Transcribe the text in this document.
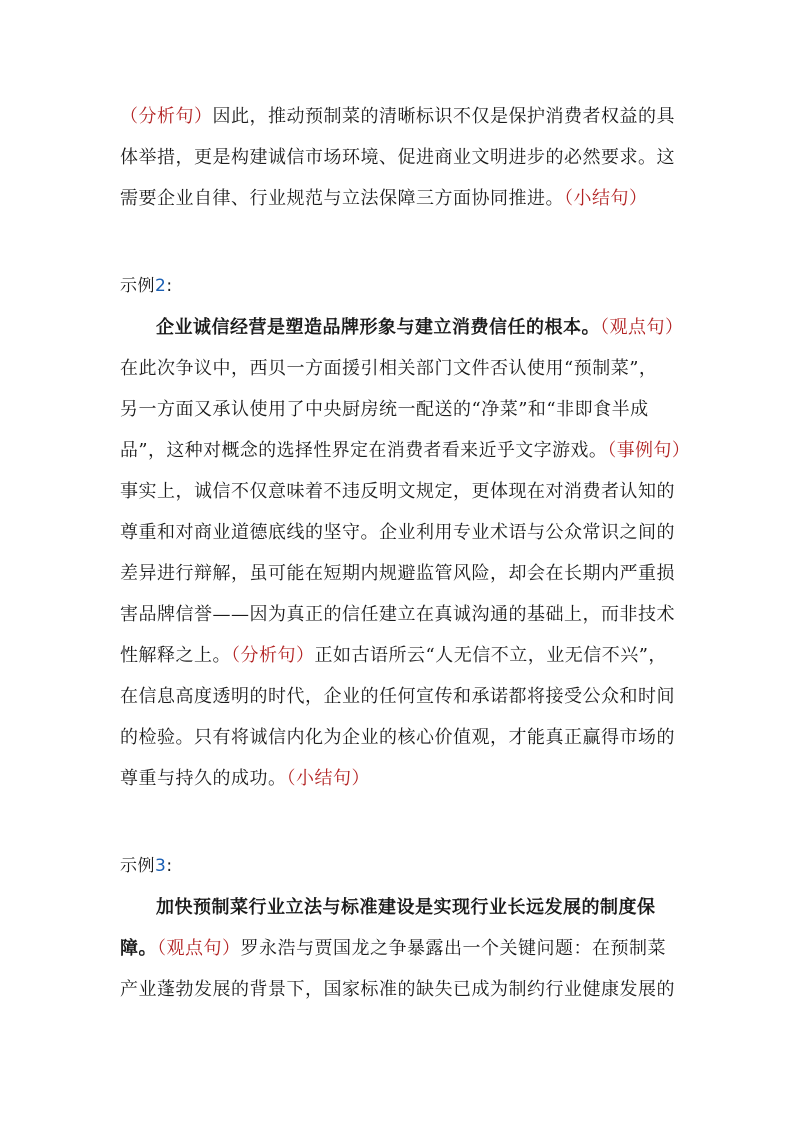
（分析句）因此，推动预制菜的清晰标识不仅是保护消费者权益的具
体举措，更是构建诚信市场环境、促进商业文明进步的必然要求。这
需要企业自律、行业规范与立法保障三方面协同推进。（小结句）
示例2:
企业诚信经营是塑造品牌形象与建立消费信任的根本。（观点句）
在此次争议中，西贝一方面援引相关部门文件否认使用“预制菜”，
另一方面又承认使用了中央厨房统一配送的“净菜”和“非即食半成
品”，这种对概念的选择性界定在消费者看来近乎文字游戏。（事例句）
事实上，诚信不仅意味着不违反明文规定，更体现在对消费者认知的
尊重和对商业道德底线的坚守。企业利用专业术语与公众常识之间的
差异进行辩解，虽可能在短期内规避监管风险，却会在长期内严重损
害品牌信誉——因为真正的信任建立在真诚沟通的基础上，而非技术
性解释之上。（分析句）正如古语所云“人无信不立，业无信不兴”，
在信息高度透明的时代，企业的任何宣传和承诺都将接受公众和时间
的检验。只有将诚信内化为企业的核心价值观，才能真正赢得市场的
尊重与持久的成功。（小结句）
示例3:
加快预制菜行业立法与标准建设是实现行业长远发展的制度保
障。（观点句）罗永浩与贾国龙之争暴露出一个关键问题：在预制菜
产业蓬勃发展的背景下，国家标准的缺失已成为制约行业健康发展的
